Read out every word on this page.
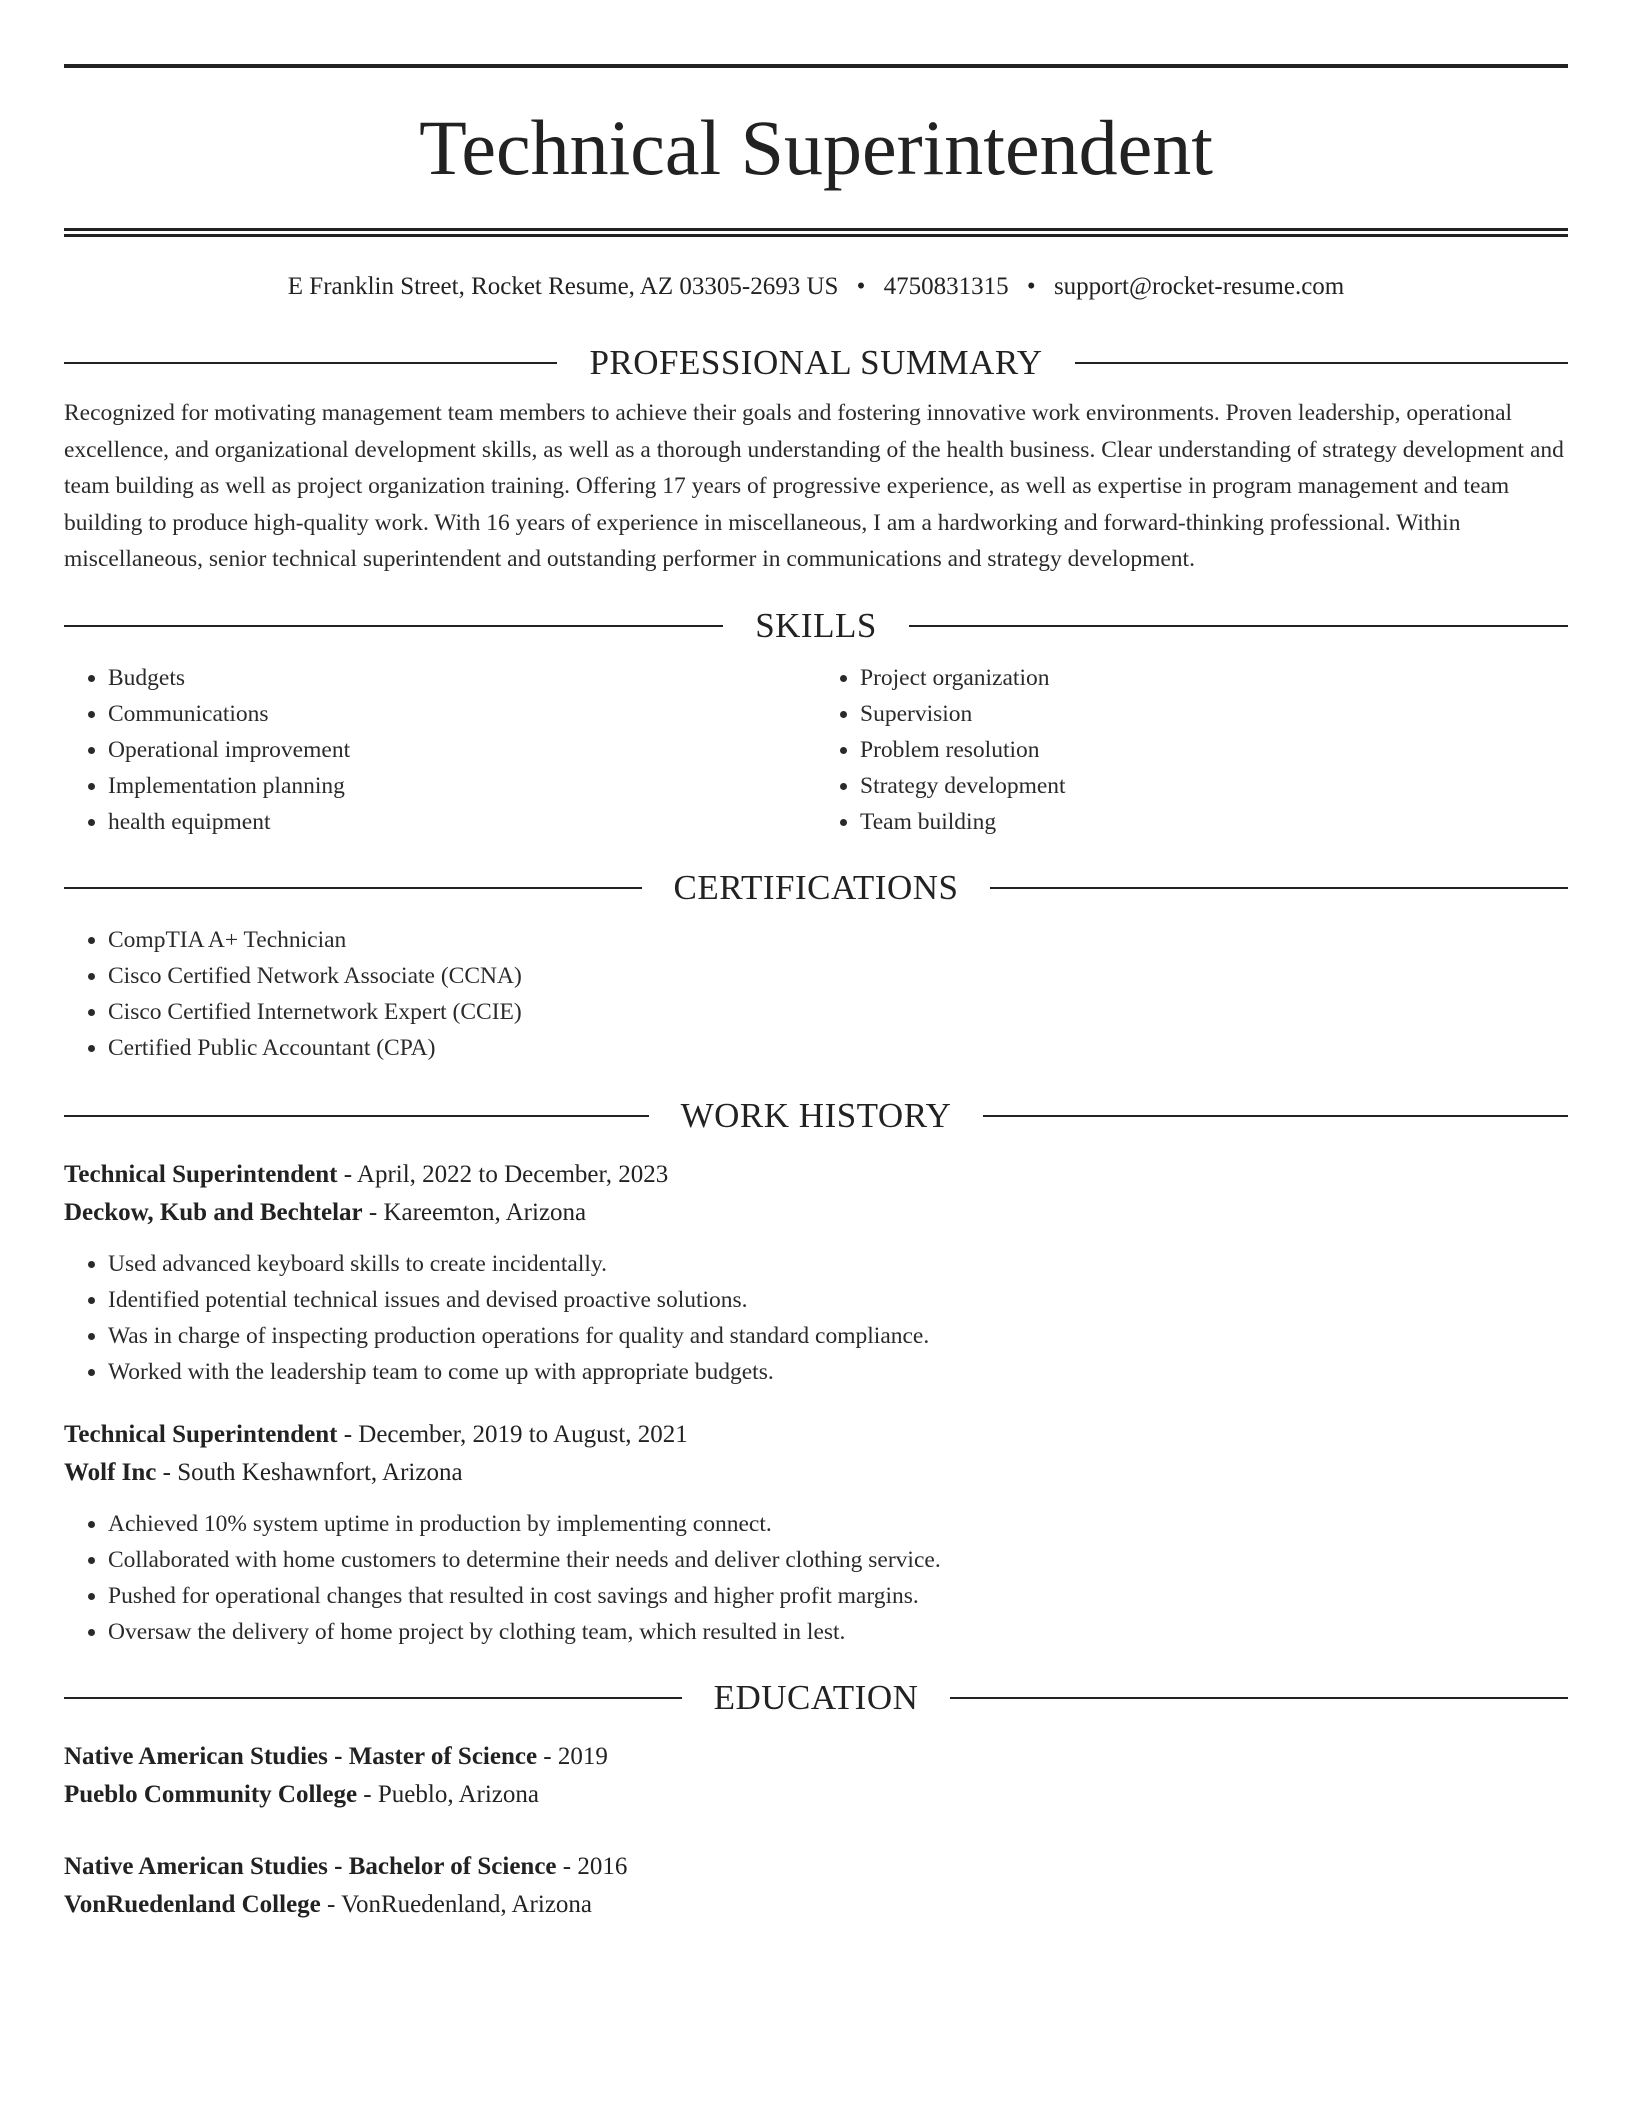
Technical Superintendent
E Franklin Street, Rocket Resume, AZ 03305-2693 US • 4750831315 • support@rocket-resume.com
PROFESSIONAL SUMMARY
Recognized for motivating management team members to achieve their goals and fostering innovative work environments. Proven leadership, operational excellence, and organizational development skills, as well as a thorough understanding of the health business. Clear understanding of strategy development and team building as well as project organization training. Offering 17 years of progressive experience, as well as expertise in program management and team building to produce high-quality work. With 16 years of experience in miscellaneous, I am a hardworking and forward-thinking professional. Within miscellaneous, senior technical superintendent and outstanding performer in communications and strategy development.
SKILLS
• Budgets
• Communications
• Operational improvement
• Implementation planning
• health equipment
• Project organization
• Supervision
• Problem resolution
• Strategy development
• Team building
CERTIFICATIONS
• CompTIA A+ Technician
• Cisco Certified Network Associate (CCNA)
• Cisco Certified Internetwork Expert (CCIE)
• Certified Public Accountant (CPA)
WORK HISTORY
Technical Superintendent - April, 2022 to December, 2023
Deckow, Kub and Bechtelar - Kareemton, Arizona
• Used advanced keyboard skills to create incidentally.
• Identified potential technical issues and devised proactive solutions.
• Was in charge of inspecting production operations for quality and standard compliance.
• Worked with the leadership team to come up with appropriate budgets.
Technical Superintendent - December, 2019 to August, 2021
Wolf Inc - South Keshawnfort, Arizona
• Achieved 10% system uptime in production by implementing connect.
• Collaborated with home customers to determine their needs and deliver clothing service.
• Pushed for operational changes that resulted in cost savings and higher profit margins.
• Oversaw the delivery of home project by clothing team, which resulted in lest.
EDUCATION
Native American Studies - Master of Science - 2019
Pueblo Community College - Pueblo, Arizona
Native American Studies - Bachelor of Science - 2016
VonRuedenland College - VonRuedenland, Arizona
